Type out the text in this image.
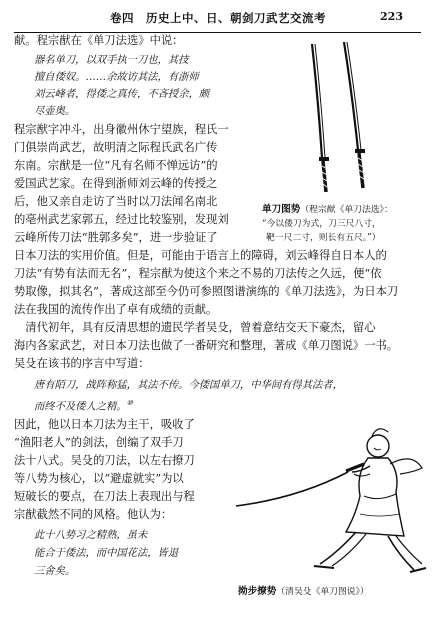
卷四　历史上中、日、朝剑刀武艺交流考	223
献。程宗猷在《单刀法选》中说：
器名单刀，以双手执一刀也，其技
擅自倭奴。……余故访其法，有浙师
刘云峰者，得倭之真传，不吝授余，颇
尽壶奥。
程宗猷字冲斗，出身徽州休宁望族，程氏一
门俱崇尚武艺，故明清之际程氏武名广传
东南。宗猷是一位“凡有名师不惮远访”的
爱国武艺家。在得到浙师刘云峰的传授之
后，他又亲自走访了当时以刀法闻名南北
的亳州武艺家郭五，经过比较鉴别，发现刘
云峰所传刀法“胜郭多矣”，进一步验证了
日本刀法的实用价值。但是，可能由于语言上的障碍，刘云峰得自日本人的
刀法“有势有法而无名”，程宗猷为使这个来之不易的刀法传之久远，便“依
势取像，拟其名”，著成这部至今仍可参照图谱演练的《单刀法选》，为日本刀
法在我国的流传作出了卓有成绩的贡献。
　清代初年，具有反清思想的遗民学者吴殳，曾着意结交天下豪杰，留心
海内各家武艺，对日本刀法也做了一番研究和整理，著成《单刀图说》一书。
吴殳在该书的序言中写道：
唐有陌刀，战阵称猛，其法不传。今倭国单刀，中华间有得其法者，
而终不及倭人之精。⑩
因此，他以日本刀法为主干，吸收了
“渔阳老人”的剑法，创编了双手刀
法十八式。吴殳的刀法，以左右撩刀
等八势为核心，以“避虚就实”为以
短破长的要点，在刀法上表现出与程
宗猷截然不同的风格。他认为：
此十八势习之精熟，虽未
能合于倭法，而中国花法，皆退
三舍矣。
单刀图势（程宗猷《单刀法选》：
“今以倭刀为式，刀三尺八寸，
靶一尺二寸，则长有五尺。”）
拗步撩势（清吴殳《单刀图说》）
